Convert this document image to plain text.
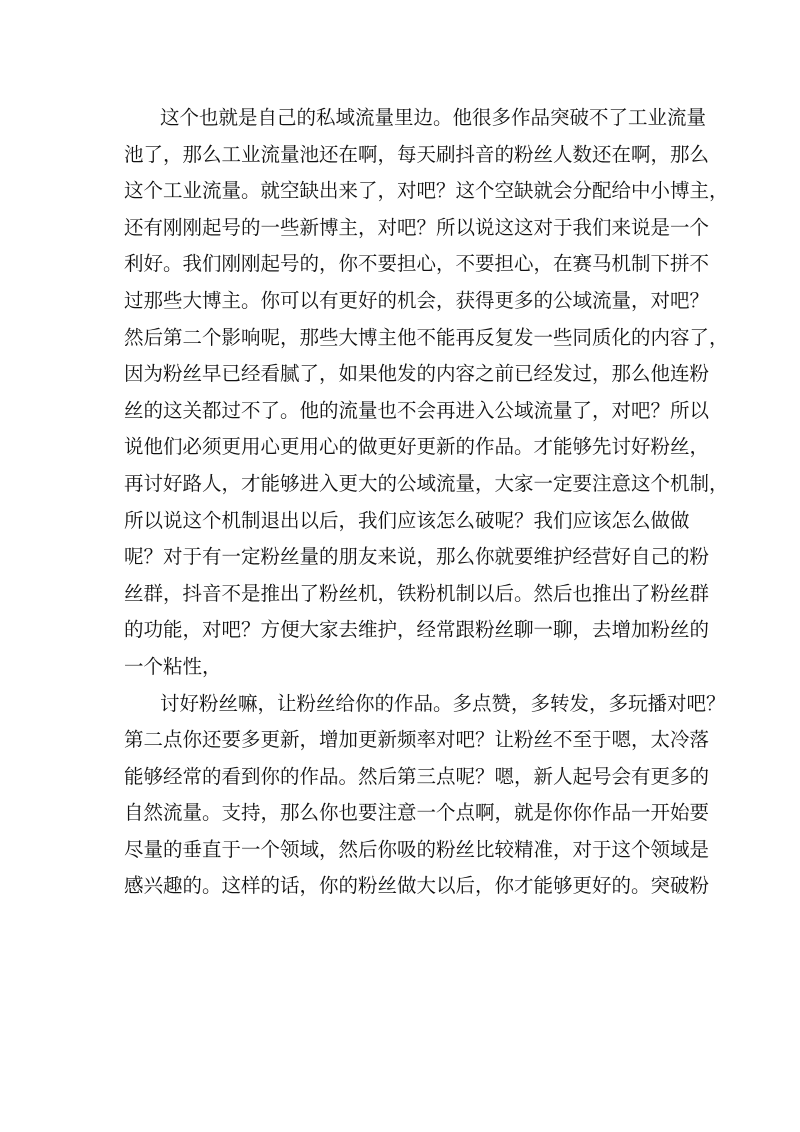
这个也就是自己的私域流量里边。他很多作品突破不了工业流量
池了，那么工业流量池还在啊，每天刷抖音的粉丝人数还在啊，那么
这个工业流量。就空缺出来了，对吧？这个空缺就会分配给中小博主，
还有刚刚起号的一些新博主，对吧？所以说这这对于我们来说是一个
利好。我们刚刚起号的，你不要担心，不要担心，在赛马机制下拼不
过那些大博主。你可以有更好的机会，获得更多的公域流量，对吧？
然后第二个影响呢，那些大博主他不能再反复发一些同质化的内容了，
因为粉丝早已经看腻了，如果他发的内容之前已经发过，那么他连粉
丝的这关都过不了。他的流量也不会再进入公域流量了，对吧？所以
说他们必须更用心更用心的做更好更新的作品。才能够先讨好粉丝，
再讨好路人，才能够进入更大的公域流量，大家一定要注意这个机制，
所以说这个机制退出以后，我们应该怎么破呢？我们应该怎么做做
呢？对于有一定粉丝量的朋友来说，那么你就要维护经营好自己的粉
丝群，抖音不是推出了粉丝机，铁粉机制以后。然后也推出了粉丝群
的功能，对吧？方便大家去维护，经常跟粉丝聊一聊，去增加粉丝的
一个粘性，
讨好粉丝嘛，让粉丝给你的作品。多点赞，多转发，多玩播对吧？
第二点你还要多更新，增加更新频率对吧？让粉丝不至于嗯，太冷落
能够经常的看到你的作品。然后第三点呢？嗯，新人起号会有更多的
自然流量。支持，那么你也要注意一个点啊，就是你你作品一开始要
尽量的垂直于一个领域，然后你吸的粉丝比较精准，对于这个领域是
感兴趣的。这样的话，你的粉丝做大以后，你才能够更好的。突破粉
